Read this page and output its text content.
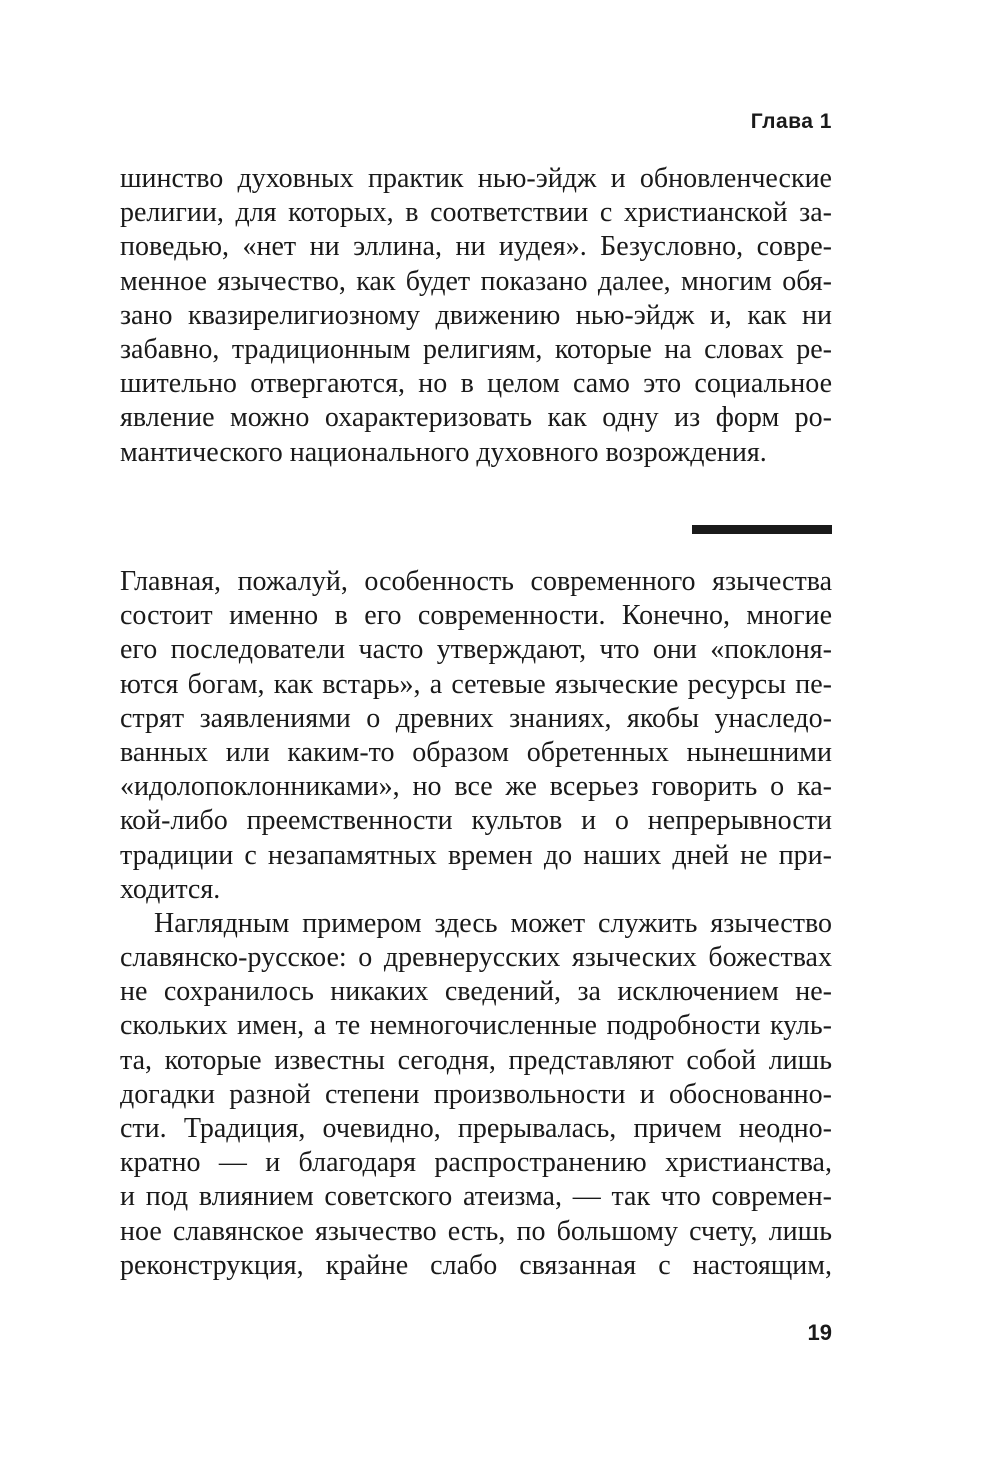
Глава 1
шинство духовных практик нью-эйдж и обновленческие
религии, для которых, в соответствии с христианской за-
поведью, «нет ни эллина, ни иудея». Безусловно, совре-
менное язычество, как будет показано далее, многим обя-
зано квазирелигиозному движению нью-эйдж и, как ни
забавно, традиционным религиям, которые на словах ре-
шительно отвергаются, но в целом само это социальное
явление можно охарактеризовать как одну из форм ро-
мантического национального духовного возрождения.
Главная, пожалуй, особенность современного язычества
состоит именно в его современности. Конечно, многие
его последователи часто утверждают, что они «поклоня-
ются богам, как встарь», а сетевые языческие ресурсы пе-
стрят заявлениями о древних знаниях, якобы унаследо-
ванных или каким-то образом обретенных нынешними
«идолопоклонниками», но все же всерьез говорить о ка-
кой-либо преемственности культов и о непрерывности
традиции с незапамятных времен до наших дней не при-
ходится.
Наглядным примером здесь может служить язычество
славянско-русское: о древнерусских языческих божествах
не сохранилось никаких сведений, за исключением не-
скольких имен, а те немногочисленные подробности куль-
та, которые известны сегодня, представляют собой лишь
догадки разной степени произвольности и обоснованно-
сти. Традиция, очевидно, прерывалась, причем неодно-
кратно — и благодаря распространению христианства,
и под влиянием советского атеизма, — так что современ-
ное славянское язычество есть, по большому счету, лишь
реконструкция, крайне слабо связанная с настоящим,
19
